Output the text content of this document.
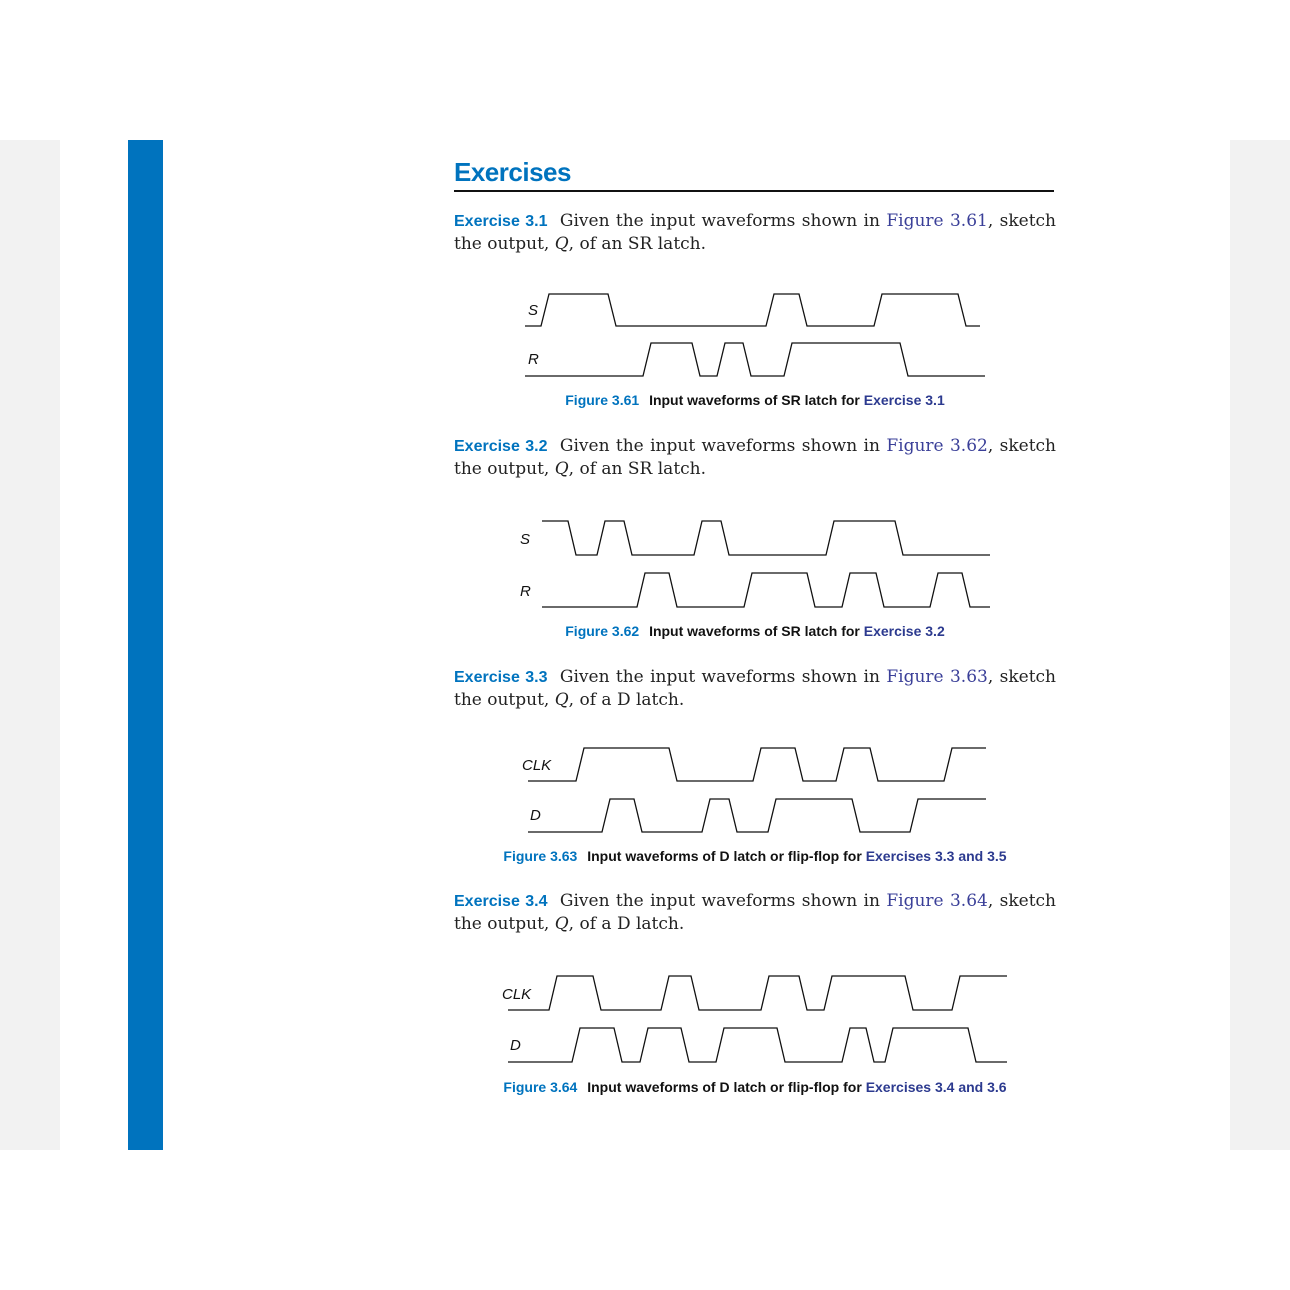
Exercises
Exercise 3.1 Given the input waveforms shown in Figure 3.61, sketch the output, Q, of an SR latch.
S
R
Figure 3.61 Input waveforms of SR latch for Exercise 3.1
Exercise 3.2 Given the input waveforms shown in Figure 3.62, sketch the output, Q, of an SR latch.
S
R
Figure 3.62 Input waveforms of SR latch for Exercise 3.2
Exercise 3.3 Given the input waveforms shown in Figure 3.63, sketch the output, Q, of a D latch.
CLK
D
Figure 3.63 Input waveforms of D latch or flip-flop for Exercises 3.3 and 3.5
Exercise 3.4 Given the input waveforms shown in Figure 3.64, sketch the output, Q, of a D latch.
CLK
D
Figure 3.64 Input waveforms of D latch or flip-flop for Exercises 3.4 and 3.6
